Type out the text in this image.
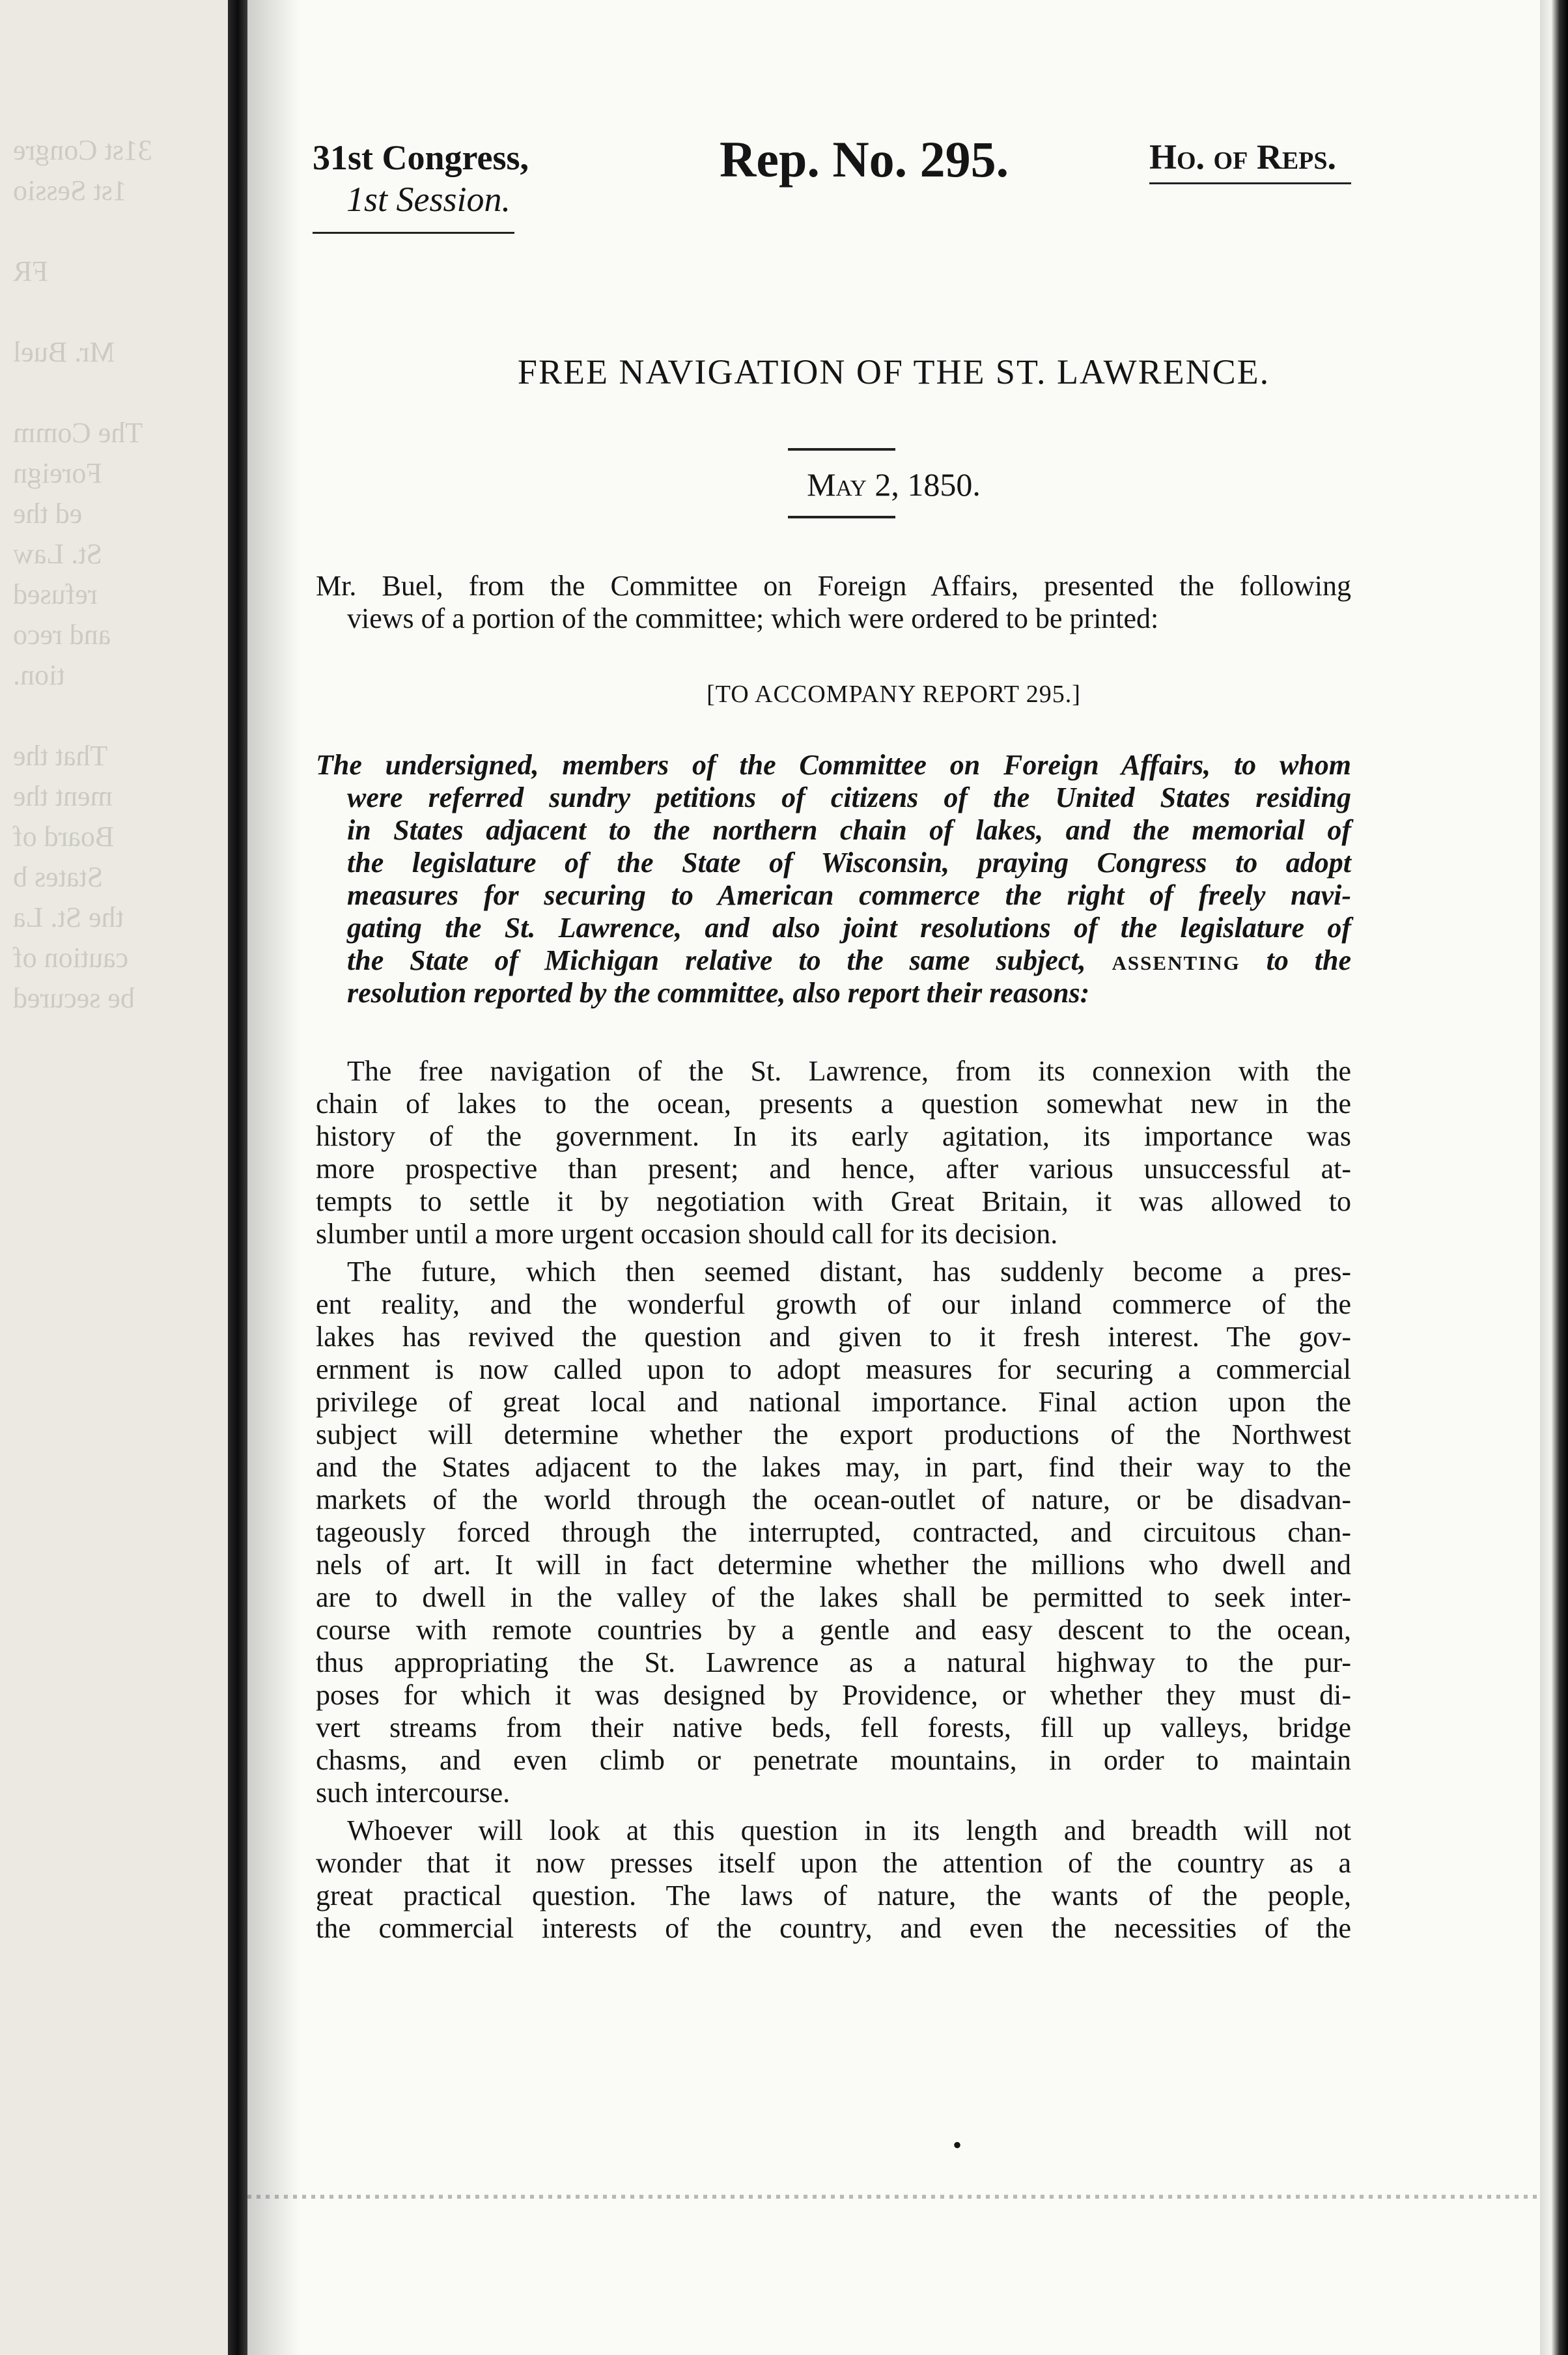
31st Congre
1st Sessio
FR
Mr. Buel
The Comm
Foreign
ed the
St. Law
refused
and reco
tion.
That the
ment the
Board of
States b
the St. La
caution of
be secured
31st Congress,
1st Session.
Rep. No. 295.	Ho. of Reps.
FREE NAVIGATION OF THE ST. LAWRENCE.
May 2, 1850.
Mr. Buel, from the Committee on Foreign Affairs, presented the following
views of a portion of the committee; which were ordered to be printed:
[TO ACCOMPANY REPORT 295.]
The undersigned, members of the Committee on Foreign Affairs, to whom
were referred sundry petitions of citizens of the United States residing
in States adjacent to the northern chain of lakes, and the memorial of
the legislature of the State of Wisconsin, praying Congress to adopt
measures for securing to American commerce the right of freely navi-
gating the St. Lawrence, and also joint resolutions of the legislature of
the State of Michigan relative to the same subject, assenting to the
resolution reported by the committee, also report their reasons:
The free navigation of the St. Lawrence, from its connexion with the
chain of lakes to the ocean, presents a question somewhat new in the
history of the government. In its early agitation, its importance was
more prospective than present; and hence, after various unsuccessful at-
tempts to settle it by negotiation with Great Britain, it was allowed to
slumber until a more urgent occasion should call for its decision.
The future, which then seemed distant, has suddenly become a pres-
ent reality, and the wonderful growth of our inland commerce of the
lakes has revived the question and given to it fresh interest. The gov-
ernment is now called upon to adopt measures for securing a commercial
privilege of great local and national importance. Final action upon the
subject will determine whether the export productions of the Northwest
and the States adjacent to the lakes may, in part, find their way to the
markets of the world through the ocean-outlet of nature, or be disadvan-
tageously forced through the interrupted, contracted, and circuitous chan-
nels of art. It will in fact determine whether the millions who dwell and
are to dwell in the valley of the lakes shall be permitted to seek inter-
course with remote countries by a gentle and easy descent to the ocean,
thus appropriating the St. Lawrence as a natural highway to the pur-
poses for which it was designed by Providence, or whether they must di-
vert streams from their native beds, fell forests, fill up valleys, bridge
chasms, and even climb or penetrate mountains, in order to maintain
such intercourse.
Whoever will look at this question in its length and breadth will not
wonder that it now presses itself upon the attention of the country as a
great practical question. The laws of nature, the wants of the people,
the commercial interests of the country, and even the necessities of the
•
